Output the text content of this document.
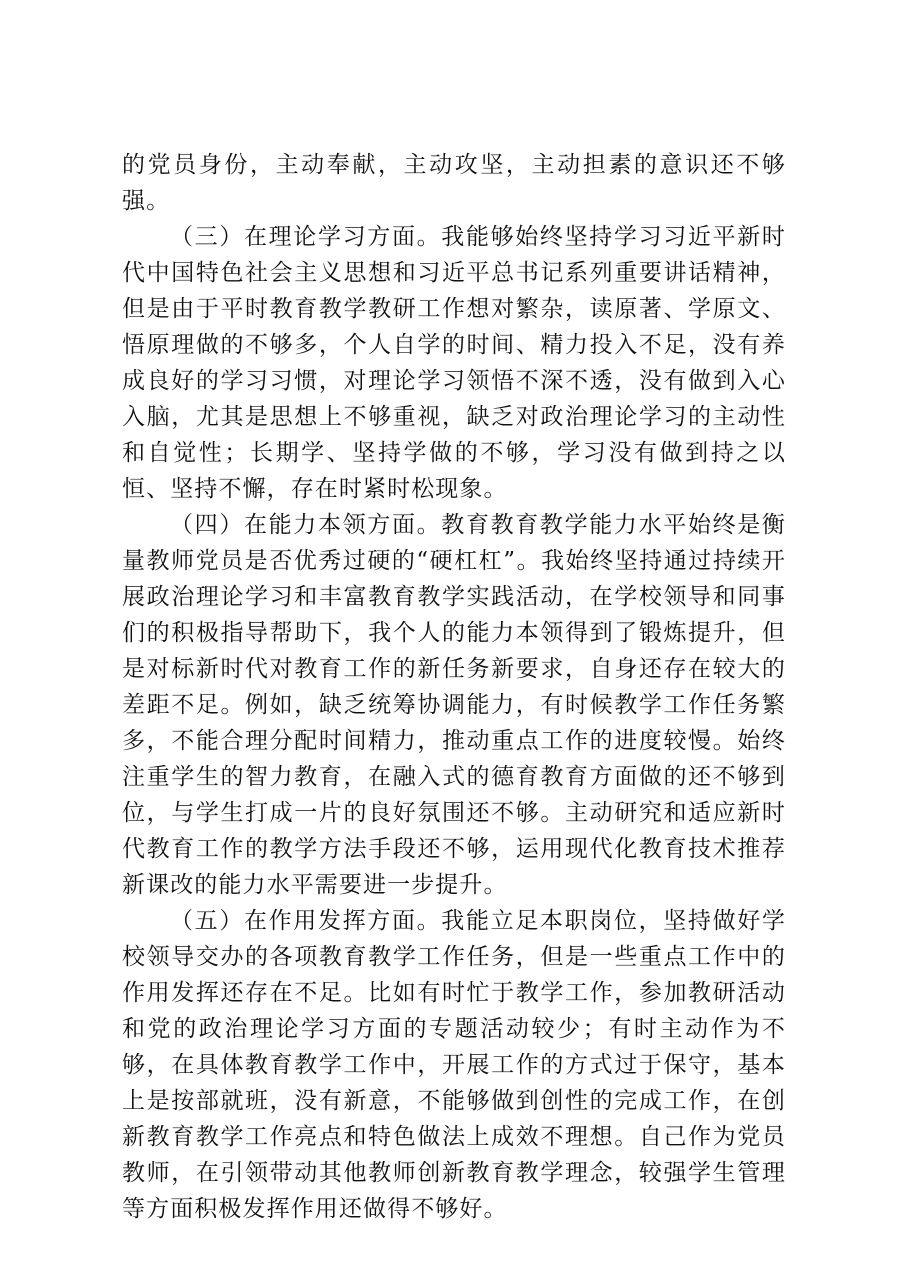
的党员身份，主动奉献，主动攻坚，主动担素的意识还不够强。

（三）在理论学习方面。我能够始终坚持学习习近平新时代中国特色社会主义思想和习近平总书记系列重要讲话精神，但是由于平时教育教学教研工作想对繁杂，读原著、学原文、悟原理做的不够多，个人自学的时间、精力投入不足，没有养成良好的学习习惯，对理论学习领悟不深不透，没有做到入心入脑，尤其是思想上不够重视，缺乏对政治理论学习的主动性和自觉性；长期学、坚持学做的不够，学习没有做到持之以恒、坚持不懈，存在时紧时松现象。

（四）在能力本领方面。教育教育教学能力水平始终是衡量教师党员是否优秀过硬的“硬杠杠”。我始终坚持通过持续开展政治理论学习和丰富教育教学实践活动，在学校领导和同事们的积极指导帮助下，我个人的能力本领得到了锻炼提升，但是对标新时代对教育工作的新任务新要求，自身还存在较大的差距不足。例如，缺乏统筹协调能力，有时候教学工作任务繁多，不能合理分配时间精力，推动重点工作的进度较慢。始终注重学生的智力教育，在融入式的德育教育方面做的还不够到位，与学生打成一片的良好氛围还不够。主动研究和适应新时代教育工作的教学方法手段还不够，运用现代化教育技术推荐新课改的能力水平需要进一步提升。

（五）在作用发挥方面。我能立足本职岗位，坚持做好学校领导交办的各项教育教学工作任务，但是一些重点工作中的作用发挥还存在不足。比如有时忙于教学工作，参加教研活动和党的政治理论学习方面的专题活动较少；有时主动作为不够，在具体教育教学工作中，开展工作的方式过于保守，基本上是按部就班，没有新意，不能够做到创性的完成工作，在创新教育教学工作亮点和特色做法上成效不理想。自己作为党员教师，在引领带动其他教师创新教育教学理念，较强学生管理等方面积极发挥作用还做得不够好。
